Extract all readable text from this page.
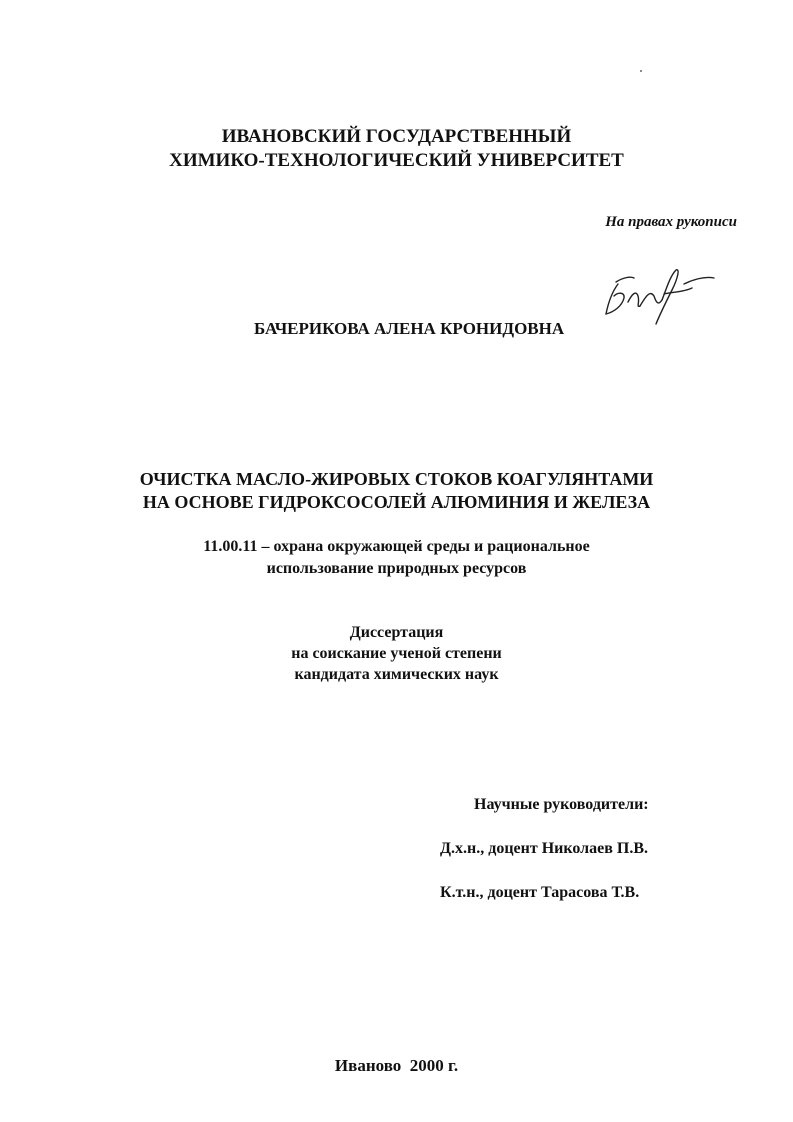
ИВАНОВСКИЙ ГОСУДАРСТВЕННЫЙ
ХИМИКО-ТЕХНОЛОГИЧЕСКИЙ УНИВЕРСИТЕТ
На правах рукописи
БАЧЕРИКОВА АЛЕНА КРОНИДОВНА
ОЧИСТКА МАСЛО-ЖИРОВЫХ СТОКОВ КОАГУЛЯНТАМИ
НА ОСНОВЕ ГИДРОКСОСОЛЕЙ АЛЮМИНИЯ И ЖЕЛЕЗА
11.00.11 – охрана окружающей среды и рациональное
использование природных ресурсов
Диссертация
на соискание ученой степени
кандидата химических наук
Научные руководители:
Д.х.н., доцент Николаев П.В.
К.т.н., доцент Тарасова Т.В.
Иваново  2000 г.
